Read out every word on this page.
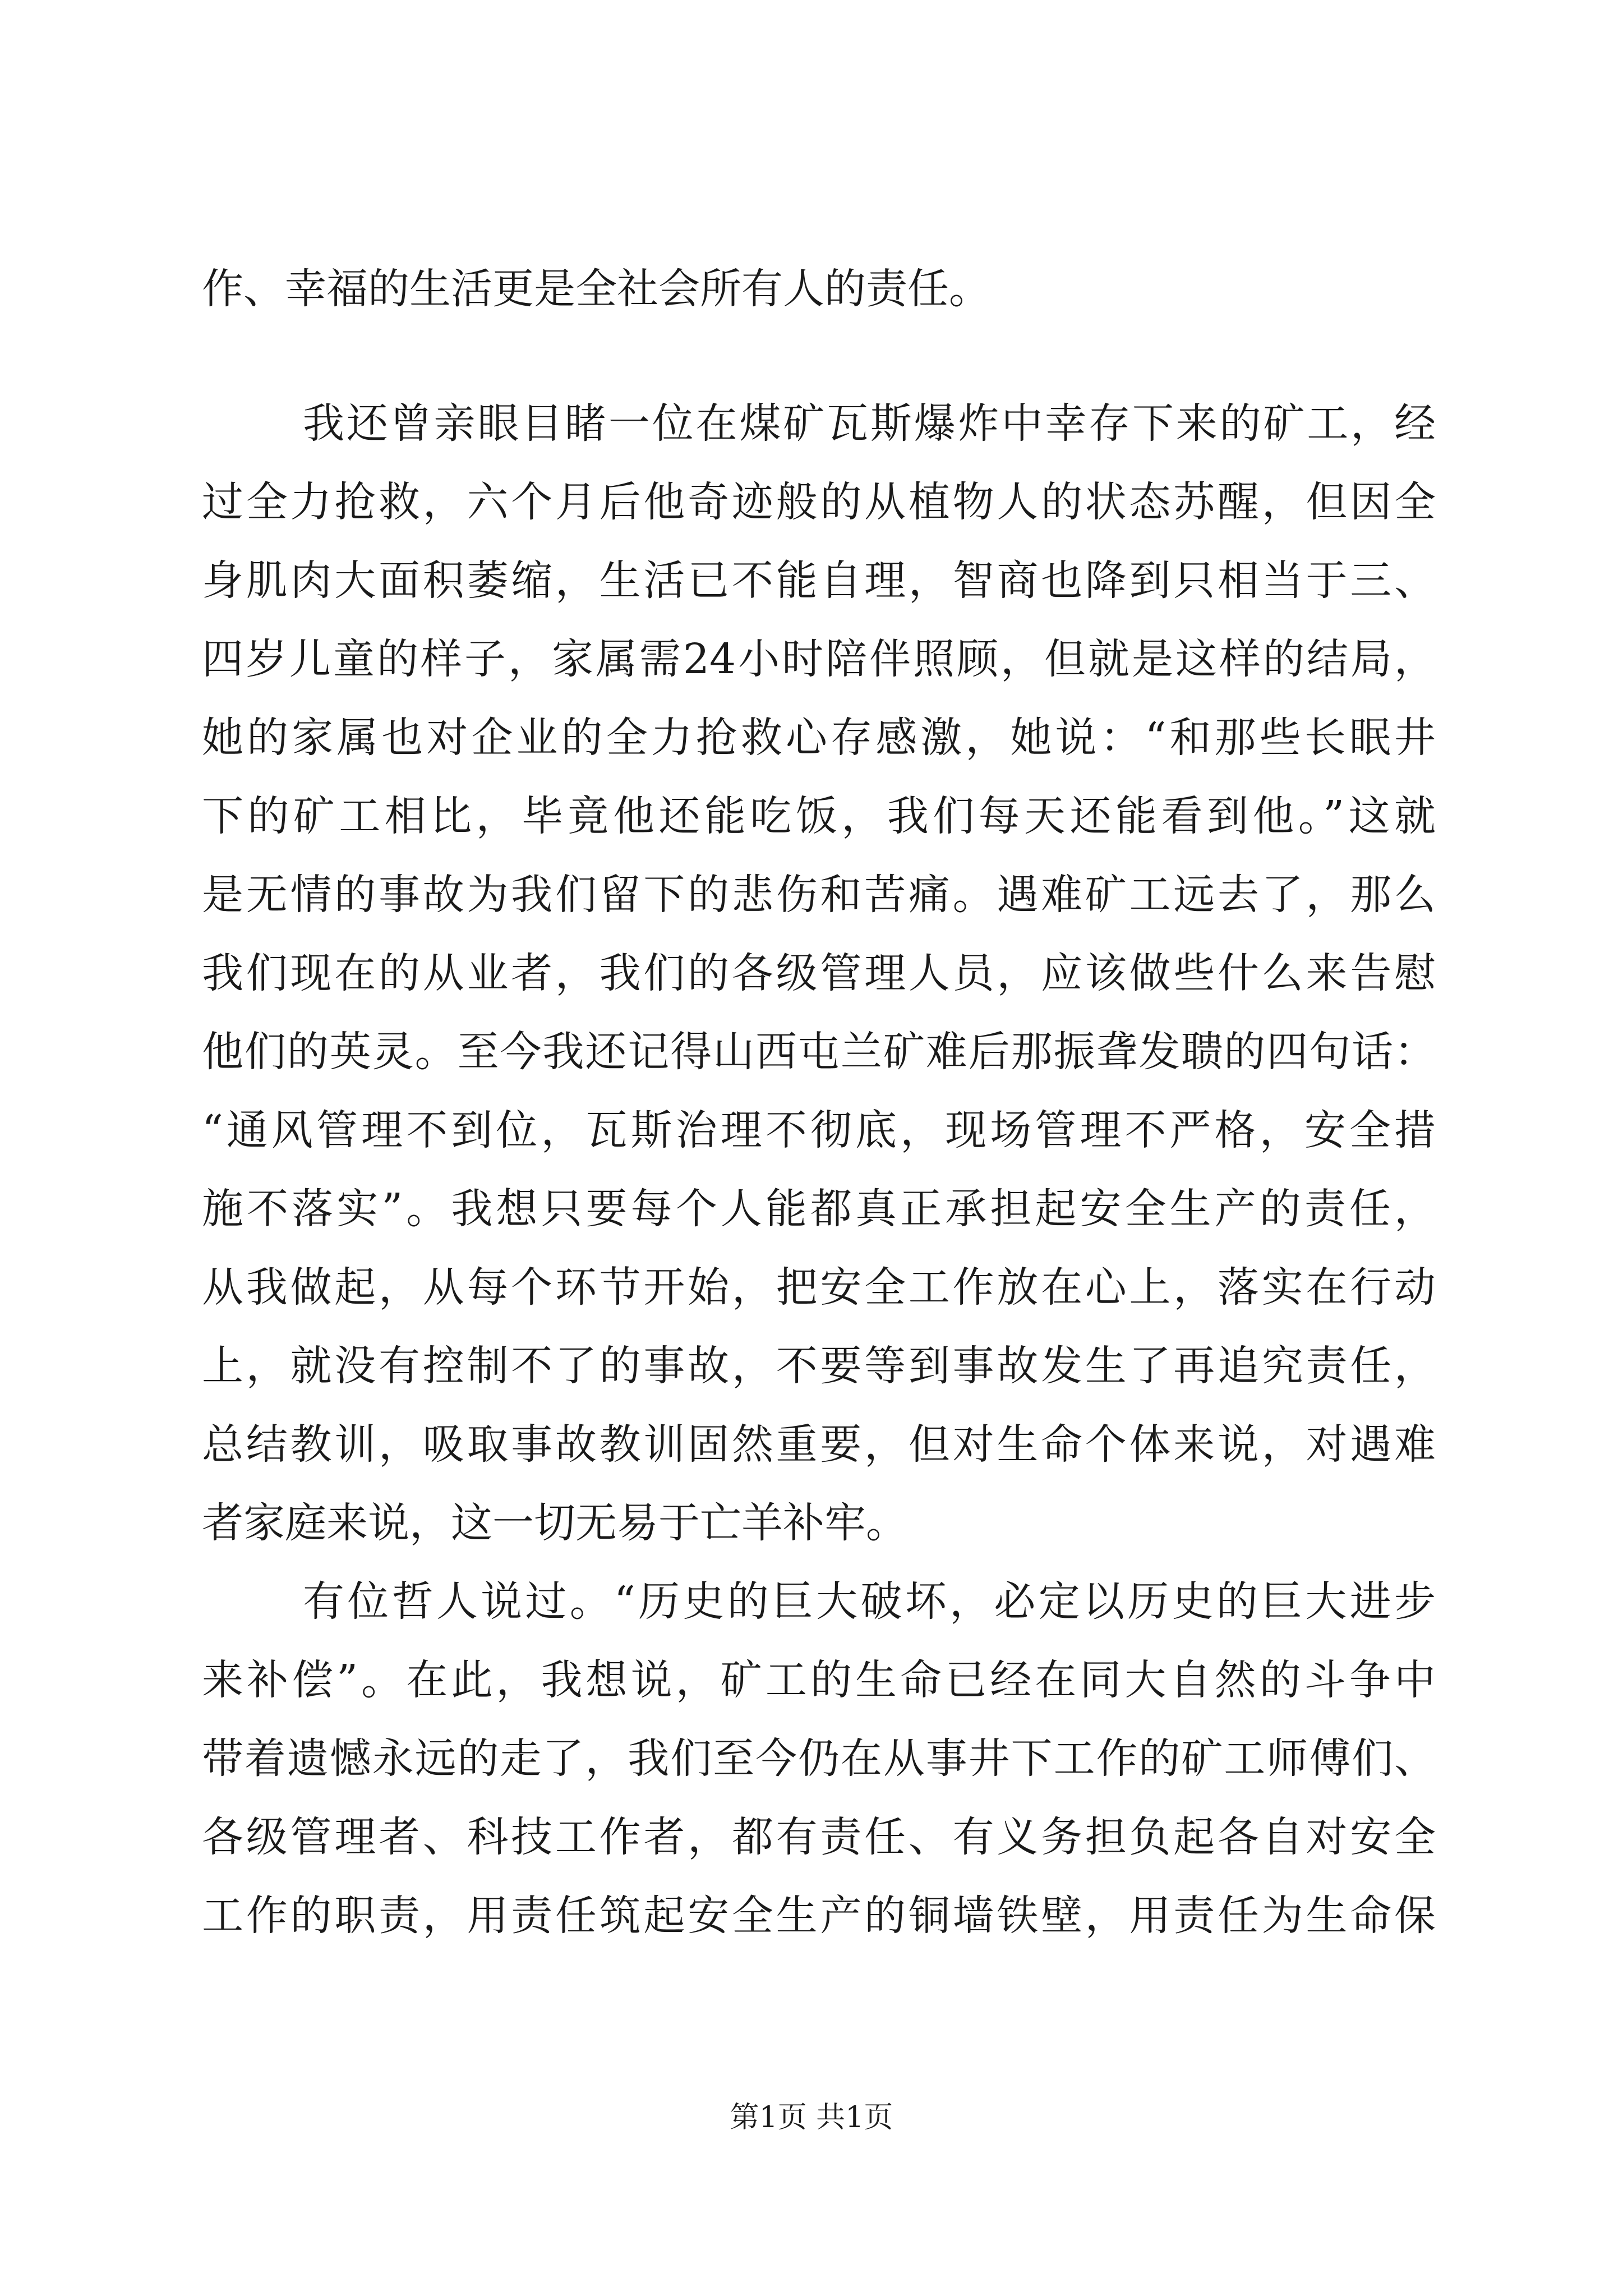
作、幸福的生活更是全社会所有人的责任。
我还曾亲眼目睹一位在煤矿瓦斯爆炸中幸存下来的矿工，经
过全力抢救，六个月后他奇迹般的从植物人的状态苏醒，但因全
身肌肉大面积萎缩，生活已不能自理，智商也降到只相当于三、
四岁儿童的样子，家属需24小时陪伴照顾，但就是这样的结局，
她的家属也对企业的全力抢救心存感激，她说：“和那些长眠井
下的矿工相比，毕竟他还能吃饭，我们每天还能看到他。”这就
是无情的事故为我们留下的悲伤和苦痛。遇难矿工远去了，那么
我们现在的从业者，我们的各级管理人员，应该做些什么来告慰
他们的英灵。至今我还记得山西屯兰矿难后那振聋发聩的四句话：
“通风管理不到位，瓦斯治理不彻底，现场管理不严格，安全措
施不落实”。我想只要每个人能都真正承担起安全生产的责任，
从我做起，从每个环节开始，把安全工作放在心上，落实在行动
上，就没有控制不了的事故，不要等到事故发生了再追究责任，
总结教训，吸取事故教训固然重要，但对生命个体来说，对遇难
者家庭来说，这一切无易于亡羊补牢。
有位哲人说过。“历史的巨大破坏，必定以历史的巨大进步
来补偿”。在此，我想说，矿工的生命已经在同大自然的斗争中
带着遗憾永远的走了，我们至今仍在从事井下工作的矿工师傅们、
各级管理者、科技工作者，都有责任、有义务担负起各自对安全
工作的职责，用责任筑起安全生产的铜墙铁壁，用责任为生命保
第1页 共1页
